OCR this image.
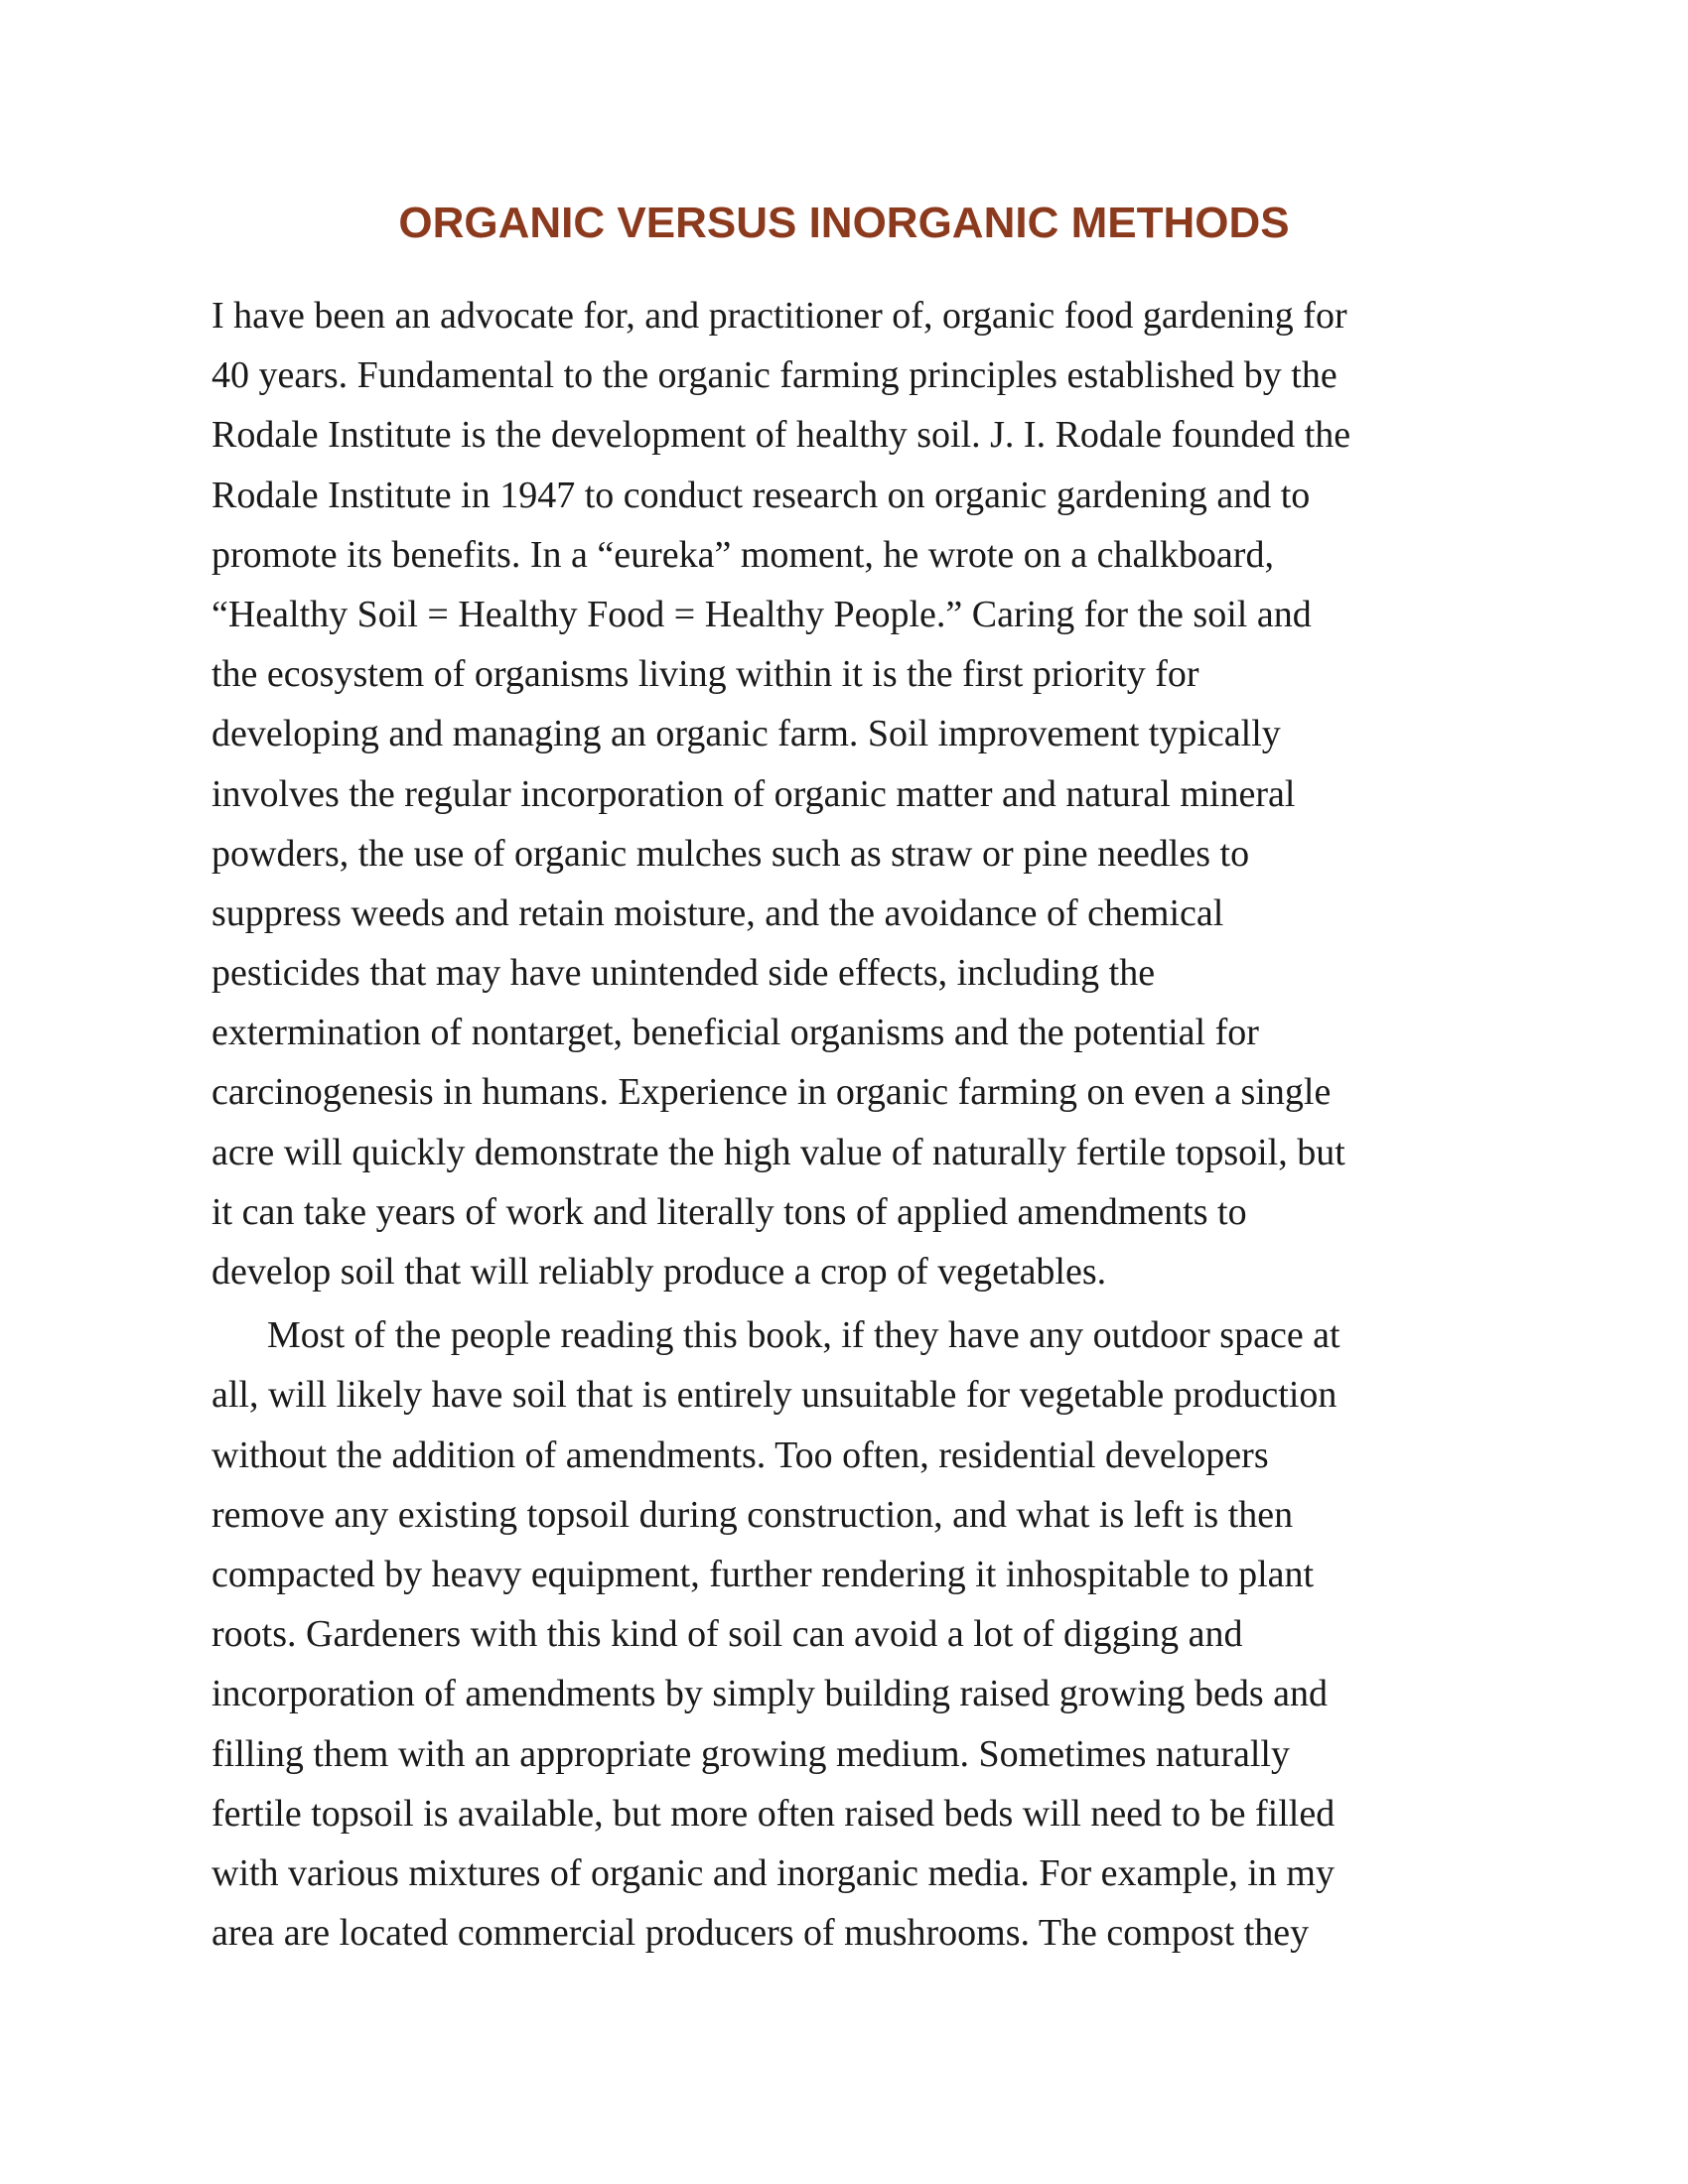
ORGANIC VERSUS INORGANIC METHODS
I have been an advocate for, and practitioner of, organic food gardening for
40 years. Fundamental to the organic farming principles established by the
Rodale Institute is the development of healthy soil. J. I. Rodale founded the
Rodale Institute in 1947 to conduct research on organic gardening and to
promote its benefits. In a “eureka” moment, he wrote on a chalkboard,
“Healthy Soil = Healthy Food = Healthy People.” Caring for the soil and
the ecosystem of organisms living within it is the first priority for
developing and managing an organic farm. Soil improvement typically
involves the regular incorporation of organic matter and natural mineral
powders, the use of organic mulches such as straw or pine needles to
suppress weeds and retain moisture, and the avoidance of chemical
pesticides that may have unintended side effects, including the
extermination of nontarget, beneficial organisms and the potential for
carcinogenesis in humans. Experience in organic farming on even a single
acre will quickly demonstrate the high value of naturally fertile topsoil, but
it can take years of work and literally tons of applied amendments to
develop soil that will reliably produce a crop of vegetables.
Most of the people reading this book, if they have any outdoor space at
all, will likely have soil that is entirely unsuitable for vegetable production
without the addition of amendments. Too often, residential developers
remove any existing topsoil during construction, and what is left is then
compacted by heavy equipment, further rendering it inhospitable to plant
roots. Gardeners with this kind of soil can avoid a lot of digging and
incorporation of amendments by simply building raised growing beds and
filling them with an appropriate growing medium. Sometimes naturally
fertile topsoil is available, but more often raised beds will need to be filled
with various mixtures of organic and inorganic media. For example, in my
area are located commercial producers of mushrooms. The compost they
